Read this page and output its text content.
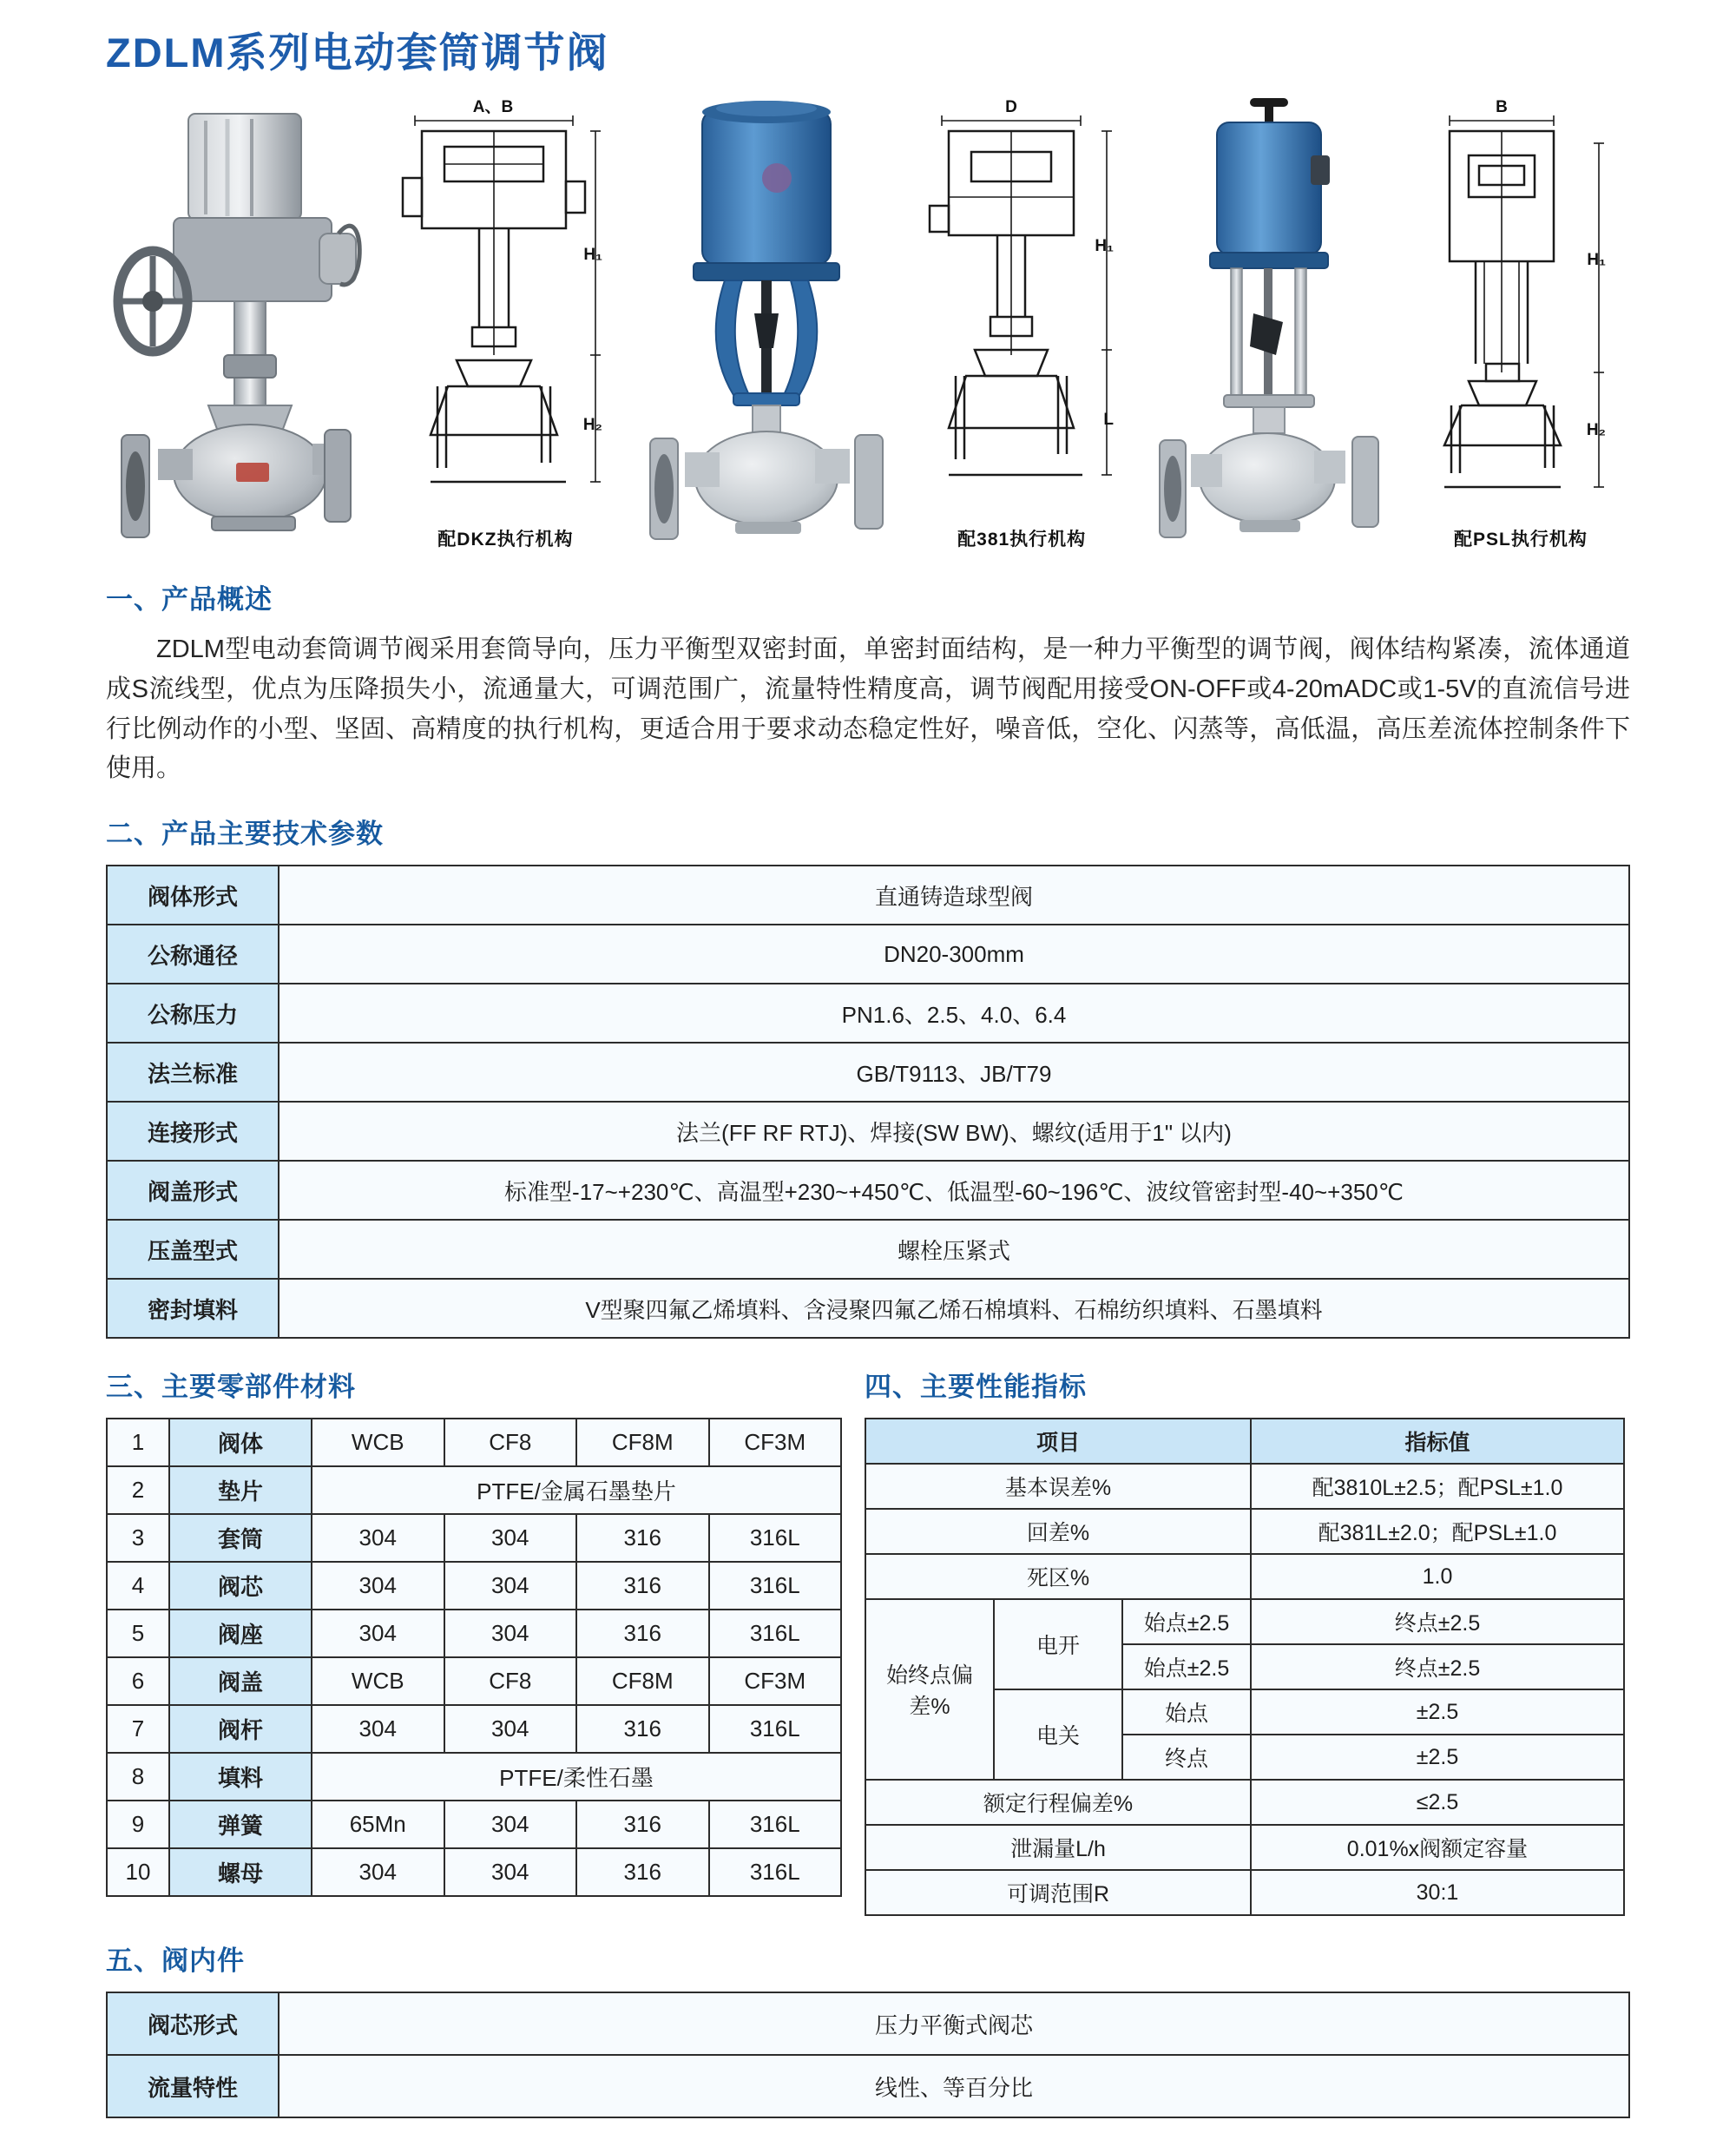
ZDLM系列电动套筒调节阀
A、B
H₁
H₂
配DKZ执行机构
D
H₁
L
配381执行机构
B
H₁
H₂
配PSL执行机构
一、产品概述

ZDLM型电动套筒调节阀采用套筒导向，压力平衡型双密封面，单密封面结构，是一种力平衡型的调节阀，阀体结构紧凑，流体通道成S流线型，优点为压降损失小，流通量大，可调范围广，流量特性精度高，调节阀配用接受ON-OFF或4-20mADC或1-5V的直流信号进行比例动作的小型、坚固、高精度的执行机构，更适合用于要求动态稳定性好，噪音低，空化、闪蒸等，高低温，高压差流体控制条件下使用。

二、产品主要技术参数
阀体形式	直通铸造球型阀
公称通径	DN20-300mm
公称压力	PN1.6、2.5、4.0、6.4
法兰标准	GB/T9113、JB/T79
连接形式	法兰(FF RF RTJ)、焊接(SW BW)、螺纹(适用于1" 以内)
阀盖形式	标准型-17~+230℃、高温型+230~+450℃、低温型-60~196℃、波纹管密封型-40~+350℃
压盖型式	螺栓压紧式
密封填料	V型聚四氟乙烯填料、含浸聚四氟乙烯石棉填料、石棉纺织填料、石墨填料
三、主要零部件材料
1	阀体	WCB	CF8	CF8M	CF3M
2	垫片	PTFE/金属石墨垫片			
3	套筒	304	304	316	316L
4	阀芯	304	304	316	316L
5	阀座	304	304	316	316L
6	阀盖	WCB	CF8	CF8M	CF3M
7	阀杆	304	304	316	316L
8	填料	PTFE/柔性石墨			
9	弹簧	65Mn	304	316	316L
10	螺母	304	304	316	316L
四、主要性能指标
项目			指标值
基本误差%			配3810L±2.5；配PSL±1.0
回差%			配381L±2.0；配PSL±1.0
死区%			1.0
始终点偏差%	电开	始点±2.5	终点±2.5
		始点±2.5	终点±2.5
	电关	始点	±2.5
		终点	±2.5
额定行程偏差%			≤2.5
泄漏量L/h			0.01%x阀额定容量
可调范围R			30:1
五、阀内件
阀芯形式	压力平衡式阀芯
流量特性	线性、等百分比
